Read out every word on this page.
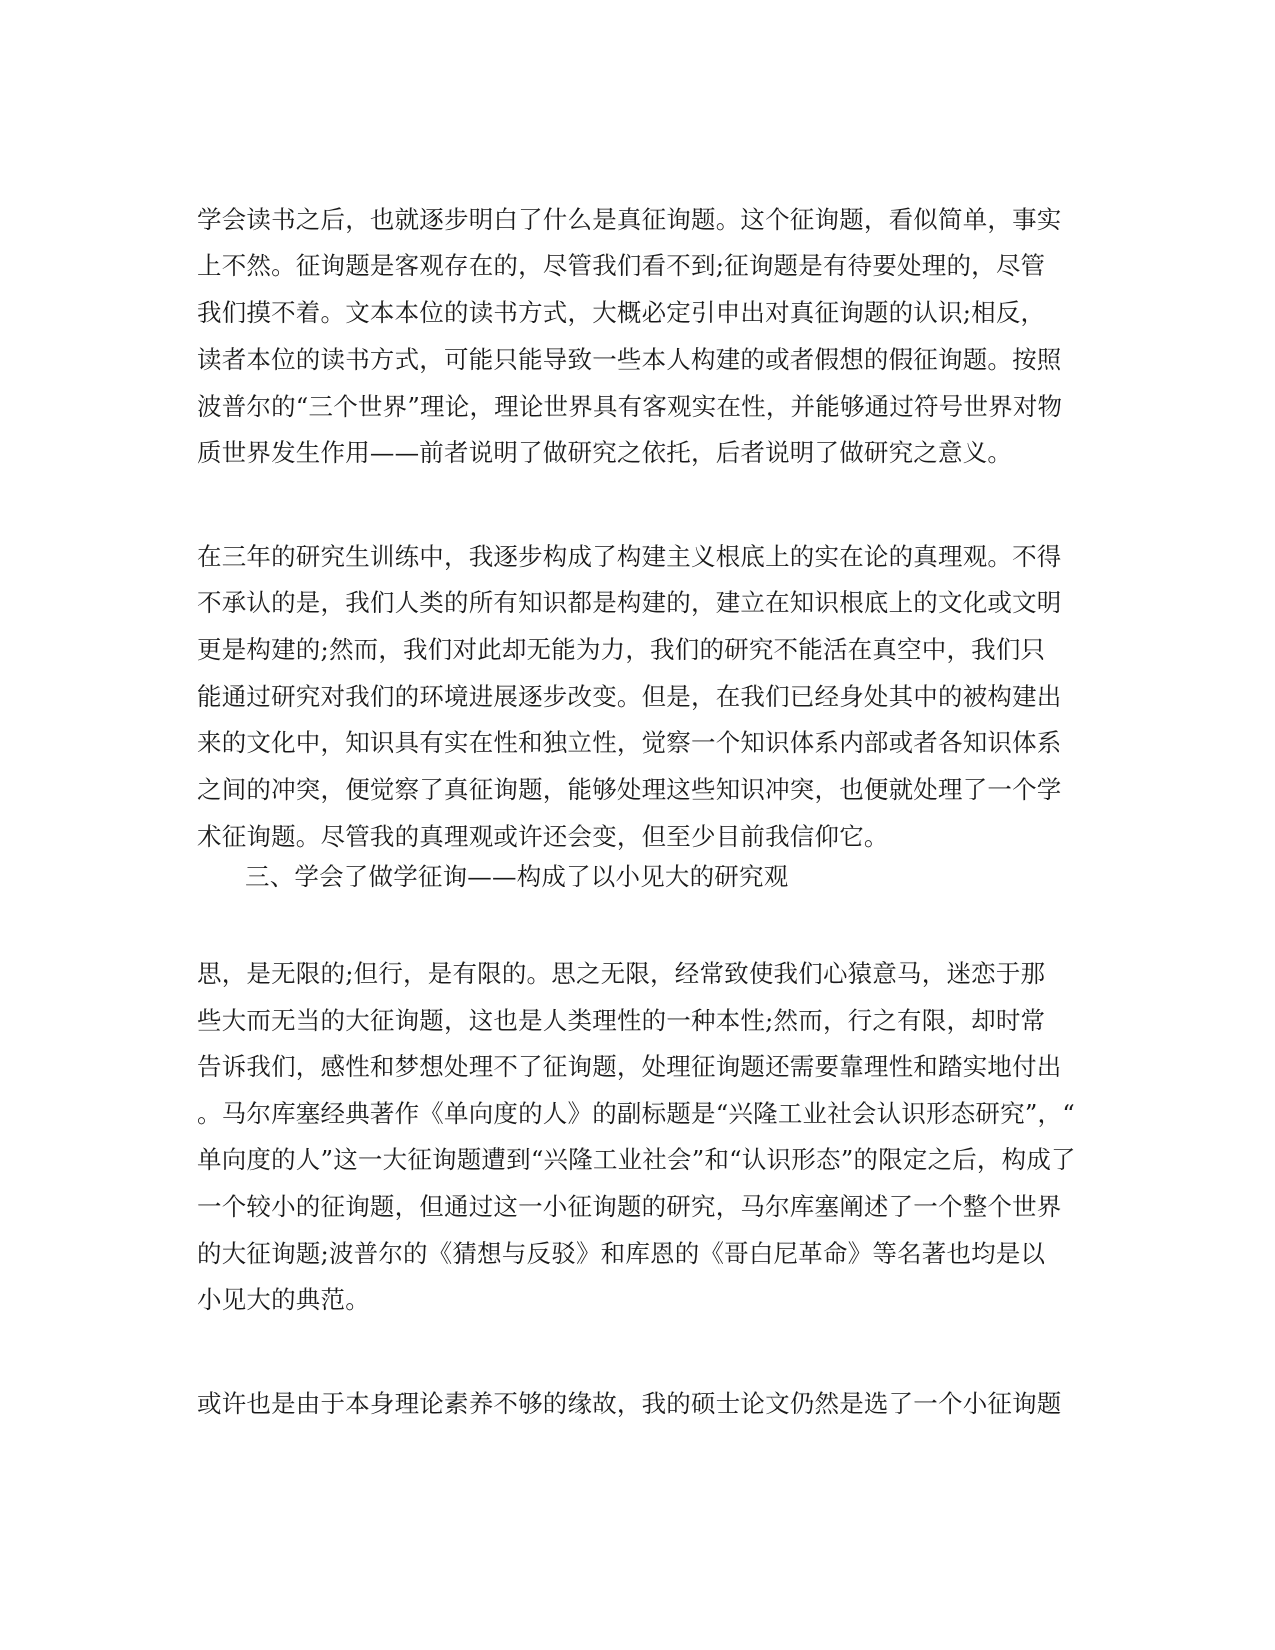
学会读书之后，也就逐步明白了什么是真征询题。这个征询题，看似简单，事实
上不然。征询题是客观存在的，尽管我们看不到;征询题是有待要处理的，尽管
我们摸不着。文本本位的读书方式，大概必定引申出对真征询题的认识;相反，
读者本位的读书方式，可能只能导致一些本人构建的或者假想的假征询题。按照
波普尔的“三个世界”理论，理论世界具有客观实在性，并能够通过符号世界对物
质世界发生作用——前者说明了做研究之依托，后者说明了做研究之意义。
在三年的研究生训练中，我逐步构成了构建主义根底上的实在论的真理观。不得
不承认的是，我们人类的所有知识都是构建的，建立在知识根底上的文化或文明
更是构建的;然而，我们对此却无能为力，我们的研究不能活在真空中，我们只
能通过研究对我们的环境进展逐步改变。但是，在我们已经身处其中的被构建出
来的文化中，知识具有实在性和独立性，觉察一个知识体系内部或者各知识体系
之间的冲突，便觉察了真征询题，能够处理这些知识冲突，也便就处理了一个学
术征询题。尽管我的真理观或许还会变，但至少目前我信仰它。
三、学会了做学征询——构成了以小见大的研究观
思，是无限的;但行，是有限的。思之无限，经常致使我们心猿意马，迷恋于那
些大而无当的大征询题，这也是人类理性的一种本性;然而，行之有限，却时常
告诉我们，感性和梦想处理不了征询题，处理征询题还需要靠理性和踏实地付出
。马尔库塞经典著作《单向度的人》的副标题是“兴隆工业社会认识形态研究”，“
单向度的人”这一大征询题遭到“兴隆工业社会”和“认识形态”的限定之后，构成了
一个较小的征询题，但通过这一小征询题的研究，马尔库塞阐述了一个整个世界
的大征询题;波普尔的《猜想与反驳》和库恩的《哥白尼革命》等名著也均是以
小见大的典范。
或许也是由于本身理论素养不够的缘故，我的硕士论文仍然是选了一个小征询题
